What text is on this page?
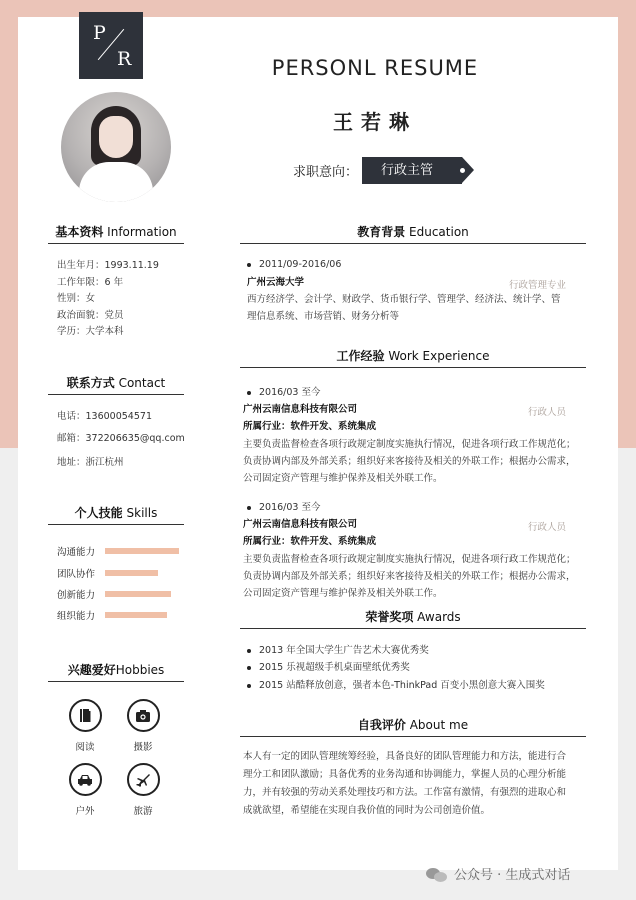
P
R	PERSONL RESUME
王若琳
求职意向：	行政主管
基本资料 Information
出生年月：1993.11.19
工作年限：6 年
性别：女
政治面貌：党员
学历：大学本科
联系方式 Contact
电话：13600054571
邮箱：372206635@qq.com
地址：浙江杭州
个人技能 Skills
沟通能力
团队协作
创新能力
组织能力
兴趣爱好Hobbies
阅读	摄影
户外	旅游
教育背景 Education
2011/09-2016/06
广州云海大学	行政管理专业
西方经济学、会计学、财政学、货币银行学、管理学、经济法、统计学、管
理信息系统、市场营销、财务分析等
工作经验 Work Experience
2016/03 至今
广州云南信息科技有限公司	行政人员
所属行业：软件开发、系统集成
主要负责监督检查各项行政规定制度实施执行情况，促进各项行政工作规范化；
负责协调内部及外部关系；组织好来客接待及相关的外联工作；根据办公需求，
公司固定资产管理与维护保养及相关外联工作。
2016/03 至今
广州云南信息科技有限公司	行政人员
所属行业：软件开发、系统集成
主要负责监督检查各项行政规定制度实施执行情况，促进各项行政工作规范化；
负责协调内部及外部关系；组织好来客接待及相关的外联工作；根据办公需求，
公司固定资产管理与维护保养及相关外联工作。
荣誉奖项 Awards
2013 年全国大学生广告艺术大赛优秀奖
2015 乐视超级手机桌面壁纸优秀奖
2015 站酷释放创意，强者本色-ThinkPad 百变小黑创意大赛入围奖
自我评价 About me
本人有一定的团队管理统筹经验，具备良好的团队管理能力和方法，能进行合
理分工和团队激励；具备优秀的业务沟通和协调能力，掌握人员的心理分析能
力，并有较强的劳动关系处理技巧和方法。工作富有激情，有强烈的进取心和
成就欲望，希望能在实现自我价值的同时为公司创造价值。
公众号 · 生成式对话
